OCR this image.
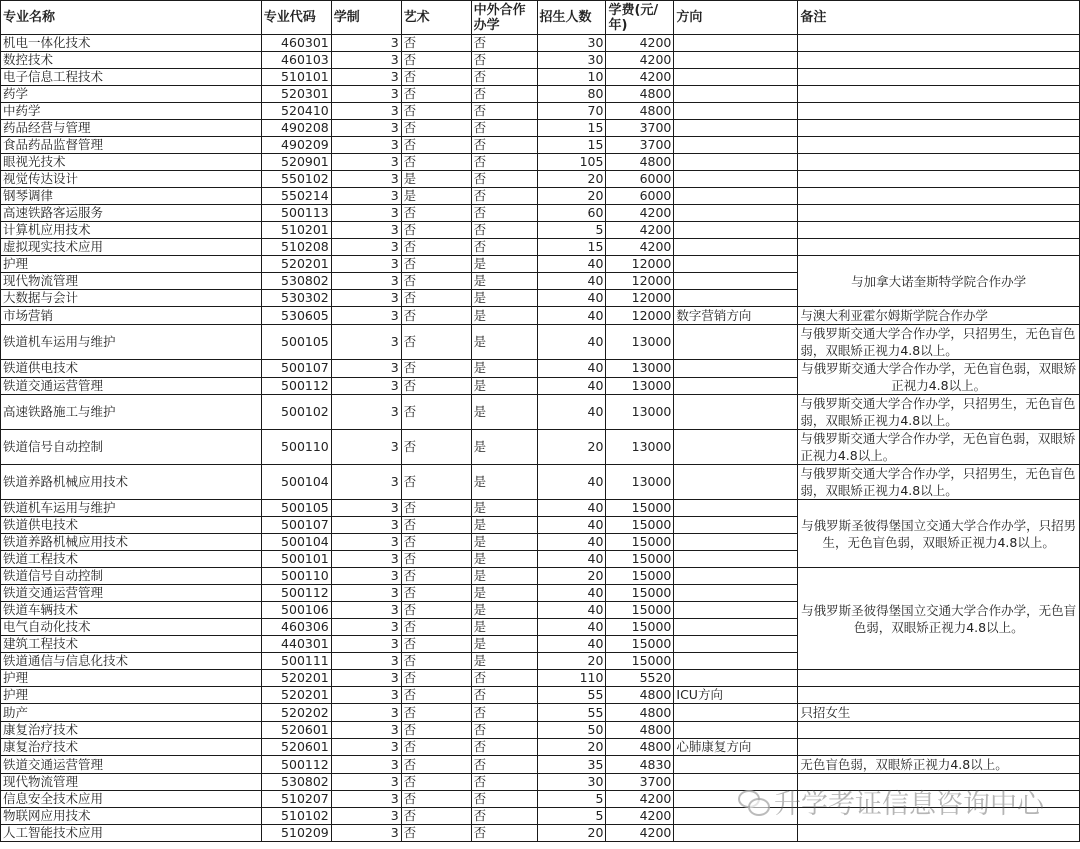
专业名称	专业代码	学制	艺术	中外合作办学	招生人数	学费(元/年)	方向	备注
机电一体化技术	460301	3	否	否	30	4200		
数控技术	460103	3	否	否	30	4200		
电子信息工程技术	510101	3	否	否	10	4200		
药学	520301	3	否	否	80	4800		
中药学	520410	3	否	否	70	4800		
药品经营与管理	490208	3	否	否	15	3700		
食品药品监督管理	490209	3	否	否	15	3700		
眼视光技术	520901	3	否	否	105	4800		
视觉传达设计	550102	3	是	否	20	6000		
钢琴调律	550214	3	是	否	20	6000		
高速铁路客运服务	500113	3	否	否	60	4200		
计算机应用技术	510201	3	否	否	5	4200		
虚拟现实技术应用	510208	3	否	否	15	4200		
护理	520201	3	否	是	40	12000		与加拿大诺奎斯特学院合作办学
现代物流管理	530802	3	否	是	40	12000		
大数据与会计	530302	3	否	是	40	12000		
市场营销	530605	3	否	是	40	12000	数字营销方向	与澳大利亚霍尔姆斯学院合作办学
铁道机车运用与维护	500105	3	否	是	40	13000		与俄罗斯交通大学合作办学，只招男生，无色盲色弱，双眼矫正视力4.8以上。
铁道供电技术	500107	3	否	是	40	13000		与俄罗斯交通大学合作办学，无色盲色弱，双眼矫正视力4.8以上。
铁道交通运营管理	500112	3	否	是	40	13000		
高速铁路施工与维护	500102	3	否	是	40	13000		与俄罗斯交通大学合作办学，只招男生，无色盲色弱，双眼矫正视力4.8以上。
铁道信号自动控制	500110	3	否	是	20	13000		与俄罗斯交通大学合作办学，无色盲色弱，双眼矫正视力4.8以上。
铁道养路机械应用技术	500104	3	否	是	40	13000		与俄罗斯交通大学合作办学，只招男生，无色盲色弱，双眼矫正视力4.8以上。
铁道机车运用与维护	500105	3	否	是	40	15000		与俄罗斯圣彼得堡国立交通大学合作办学，只招男生，无色盲色弱，双眼矫正视力4.8以上。
铁道供电技术	500107	3	否	是	40	15000		
铁道养路机械应用技术	500104	3	否	是	40	15000		
铁道工程技术	500101	3	否	是	40	15000		
铁道信号自动控制	500110	3	否	是	20	15000		与俄罗斯圣彼得堡国立交通大学合作办学，无色盲色弱，双眼矫正视力4.8以上。
铁道交通运营管理	500112	3	否	是	40	15000		
铁道车辆技术	500106	3	否	是	40	15000		
电气自动化技术	460306	3	否	是	40	15000		
建筑工程技术	440301	3	否	是	40	15000		
铁道通信与信息化技术	500111	3	否	是	20	15000		
护理	520201	3	否	否	110	5520		
护理	520201	3	否	否	55	4800	ICU方向	
助产	520202	3	否	否	55	4800		只招女生
康复治疗技术	520601	3	否	否	50	4800		
康复治疗技术	520601	3	否	否	20	4800	心肺康复方向	
铁道交通运营管理	500112	3	否	否	35	4830		无色盲色弱，双眼矫正视力4.8以上。
现代物流管理	530802	3	否	否	30	3700		
信息安全技术应用	510207	3	否	否	5	4200		
物联网应用技术	510102	3	否	否	5	4200		
人工智能技术应用	510209	3	否	否	20	4200		
升学考证信息咨询中心
